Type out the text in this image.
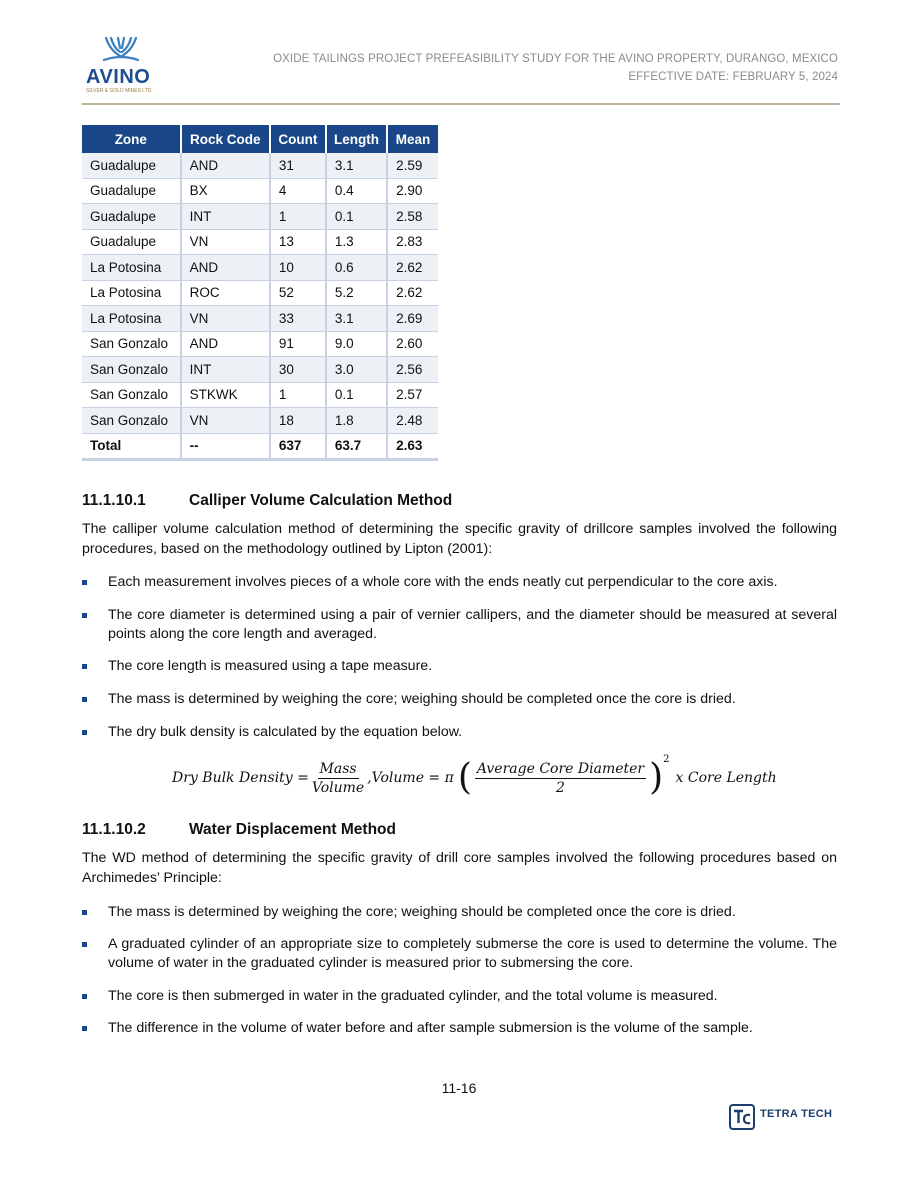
AVINO
SILVER & GOLD MINES LTD.
OXIDE TAILINGS PROJECT PREFEASIBILITY STUDY FOR THE AVINO PROPERTY, DURANGO, MEXICO
EFFECTIVE DATE: FEBRUARY 5, 2024
Zone	Rock Code	Count	Length	Mean
Guadalupe	AND	31	3.1	2.59
Guadalupe	BX	4	0.4	2.90
Guadalupe	INT	1	0.1	2.58
Guadalupe	VN	13	1.3	2.83
La Potosina	AND	10	0.6	2.62
La Potosina	ROC	52	5.2	2.62
La Potosina	VN	33	3.1	2.69
San Gonzalo	AND	91	9.0	2.60
San Gonzalo	INT	30	3.0	2.56
San Gonzalo	STKWK	1	0.1	2.57
San Gonzalo	VN	18	1.8	2.48
Total	--	637	63.7	2.63
11.1.10.1	Calliper Volume Calculation Method
The calliper volume calculation method of determining the specific gravity of drillcore samples involved the following procedures, based on the methodology outlined by Lipton (2001):
Each measurement involves pieces of a whole core with the ends neatly cut perpendicular to the core axis.
The core diameter is determined using a pair of vernier callipers, and the diameter should be measured at several points along the core length and averaged.
The core length is measured using a tape measure.
The mass is determined by weighing the core; weighing should be completed once the core is dried.
The dry bulk density is calculated by the equation below.
Dry Bulk Density = $\frac{\text{Mass}}{\text{Volume}}$ ,Volume = π ( $\frac{\text{Average Core Diameter}}{2}$ ) 2
x Core Length
11.1.10.2	Water Displacement Method
The WD method of determining the specific gravity of drill core samples involved the following procedures based on Archimedes’ Principle:
The mass is determined by weighing the core; weighing should be completed once the core is dried.
A graduated cylinder of an appropriate size to completely submerse the core is used to determine the volume. The volume of water in the graduated cylinder is measured prior to submersing the core.
The core is then submerged in water in the graduated cylinder, and the total volume is measured.
The difference in the volume of water before and after sample submersion is the volume of the sample.
11-16
TETRA TECH
